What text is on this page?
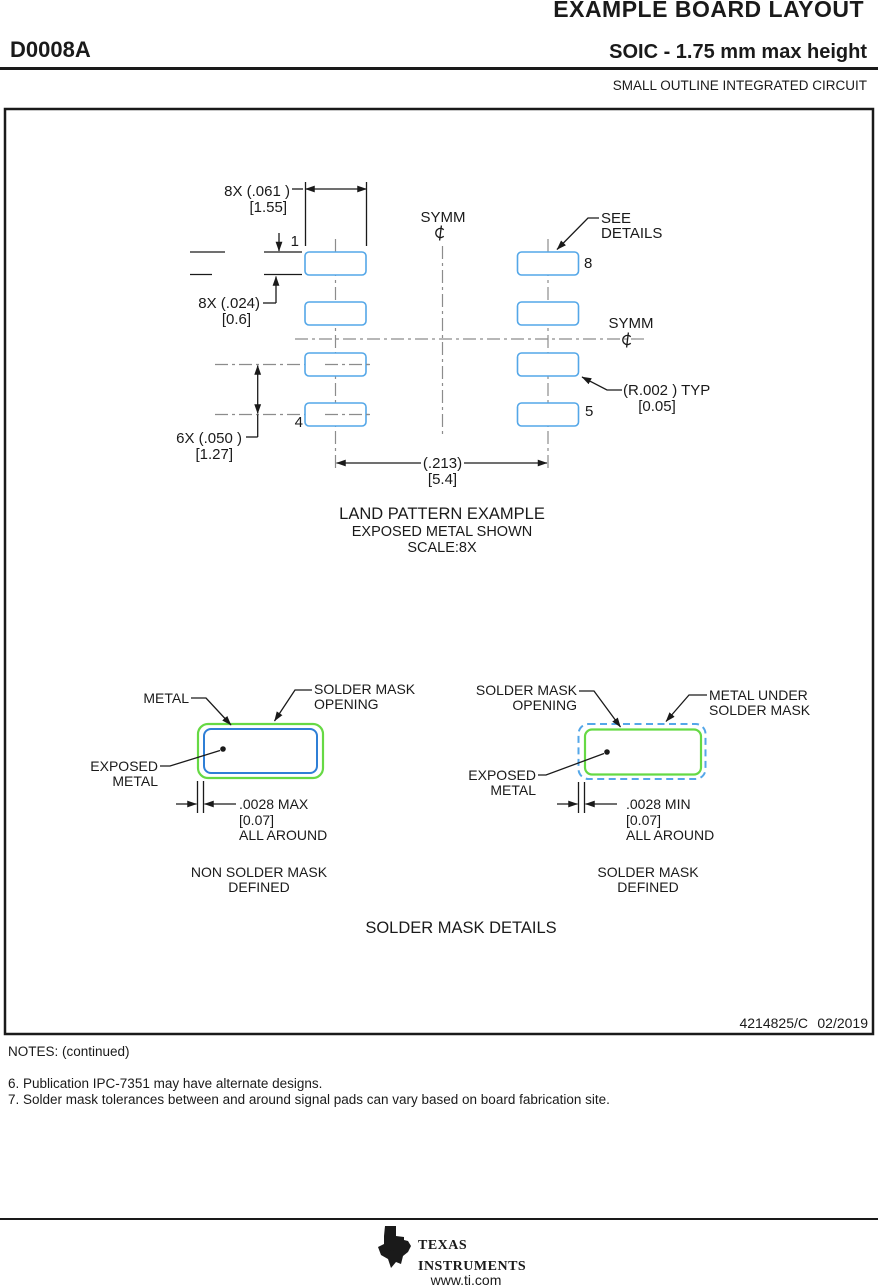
EXAMPLE BOARD LAYOUT
D0008A	SOIC - 1.75 mm max height
SMALL OUTLINE INTEGRATED CIRCUIT
8X (.061 )
[1.55]
8X (.024)
[0.6]
6X (.050 )
[1.27]
(.213)
[5.4]
(R.002 ) TYP
[0.05]
1
4
8
5
SYMM
SYMM
SEE
DETAILS
LAND PATTERN EXAMPLE
EXPOSED METAL SHOWN
SCALE:8X
METAL
SOLDER MASK
OPENING
EXPOSED
METAL
.0028 MAX
[0.07]
ALL AROUND
NON SOLDER MASK
DEFINED
SOLDER MASK
OPENING
METAL UNDER
SOLDER MASK
EXPOSED
METAL
.0028 MIN
[0.07]
ALL AROUND
SOLDER MASK
DEFINED
SOLDER MASK DETAILS
4214825/C 02/2019
NOTES: (continued)
6. Publication IPC-7351 may have alternate designs.
7. Solder mask tolerances between and around signal pads can vary based on board fabrication site.
ti TEXAS
INSTRUMENTS
www.ti.com
